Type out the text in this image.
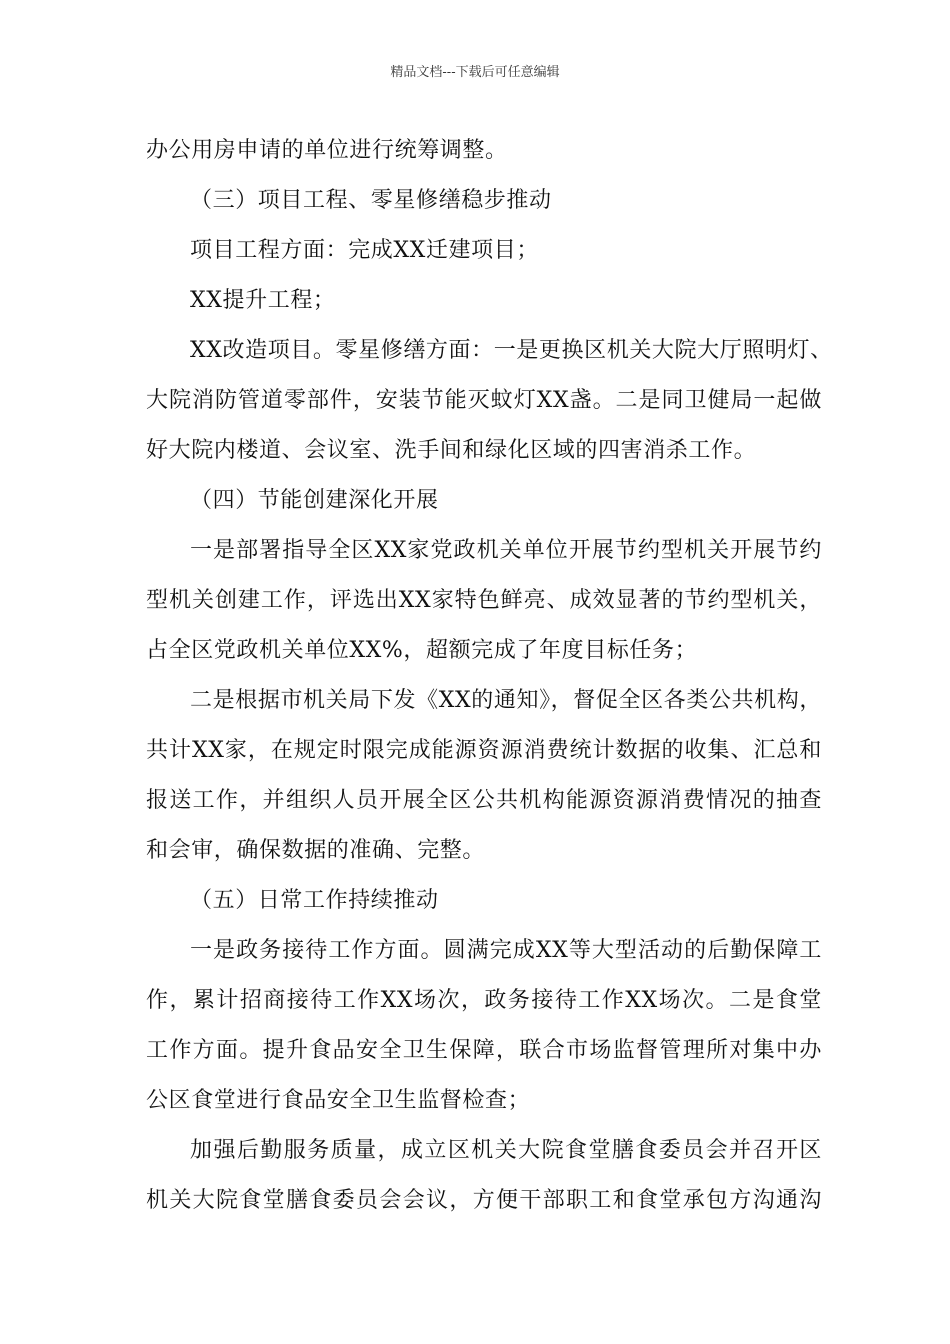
精品文档---下载后可任意编辑
办公用房申请的单位进行统筹调整。
（三）项目工程、零星修缮稳步推动
项目工程方面：完成XX迁建项目；
XX提升工程；
XX改造项目。零星修缮方面：一是更换区机关大院大厅照明灯、
大院消防管道零部件，安装节能灭蚊灯XX盏。二是同卫健局一起做
好大院内楼道、会议室、洗手间和绿化区域的四害消杀工作。
（四）节能创建深化开展
一是部署指导全区XX家党政机关单位开展节约型机关开展节约
型机关创建工作，评选出XX家特色鲜亮、成效显著的节约型机关，
占全区党政机关单位XX%，超额完成了年度目标任务；
二是根据市机关局下发《XX的通知》，督促全区各类公共机构，
共计XX家，在规定时限完成能源资源消费统计数据的收集、汇总和
报送工作，并组织人员开展全区公共机构能源资源消费情况的抽查
和会审，确保数据的准确、完整。
（五）日常工作持续推动
一是政务接待工作方面。圆满完成XX等大型活动的后勤保障工
作，累计招商接待工作XX场次，政务接待工作XX场次。二是食堂
工作方面。提升食品安全卫生保障，联合市场监督管理所对集中办
公区食堂进行食品安全卫生监督检查；
加强后勤服务质量，成立区机关大院食堂膳食委员会并召开区
机关大院食堂膳食委员会会议，方便干部职工和食堂承包方沟通沟
